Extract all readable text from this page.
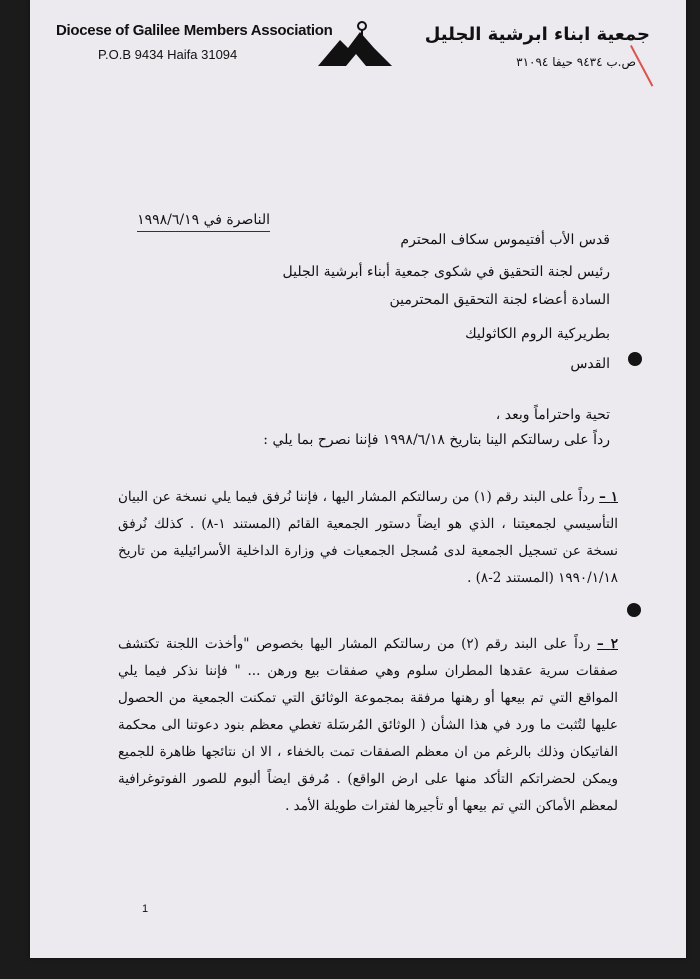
Diocese of Galilee Members Association
P.O.B 9434 Haifa 31094
جمعية ابناء ابرشية الجليل
ص.ب ٩٤٣٤ حيفا ٣١٠٩٤
الناصرة في ١٩٩٨/٦/١٩
قدس الأب أفتيموس سكاف المحترم
رئيس لجنة التحقيق في شكوى جمعية أبناء أبرشية الجليل
السادة أعضاء لجنة التحقيق المحترمين
بطريركية الروم الكاثوليك
القدس
تحية واحتراماً وبعد ،
رداً على رسالتكم الينا بتاريخ ١٩٩٨/٦/١٨ فإننا نصرح بما يلي :
١ – رداً على البند رقم (١) من رسالتكم المشار اليها ، فإننا نُرفق فيما يلي نسخة عن البيان التأسيسي لجمعيتنا ، الذي هو ايضاً دستور الجمعية القائم (المستند ١-٨) . كذلك نُرفق نسخة عن تسجيل الجمعية لدى مُسجل الجمعيات في وزارة الداخلية الأسرائيلية من تاريخ ١٩٩٠/١/١٨ (المستند 2-٨) .
٢ – رداً على البند رقم (٢) من رسالتكم المشار اليها بخصوص "وأخذت اللجنة تكتشف صفقات سرية عقدها المطران سلوم وهي صفقات بيع ورهن ... " فإننا نذكر فيما يلي المواقع التي تم بيعها أو رهنها مرفقة بمجموعة الوثائق التي تمكنت الجمعية من الحصول عليها لتُثبت ما ورد في هذا الشأن ( الوثائق المُرسَلة تغطي معظم بنود دعوتنا الى محكمة الفاتيكان وذلك بالرغم من ان معظم الصفقات تمت بالخفاء ، الا ان نتائجها ظاهرة للجميع ويمكن لحضراتكم التأكد منها على ارض الواقع) . مُرفق ايضاً ألبوم للصور الفوتوغرافية لمعظم الأماكن التي تم بيعها أو تأجيرها لفترات طويلة الأمد .
1
